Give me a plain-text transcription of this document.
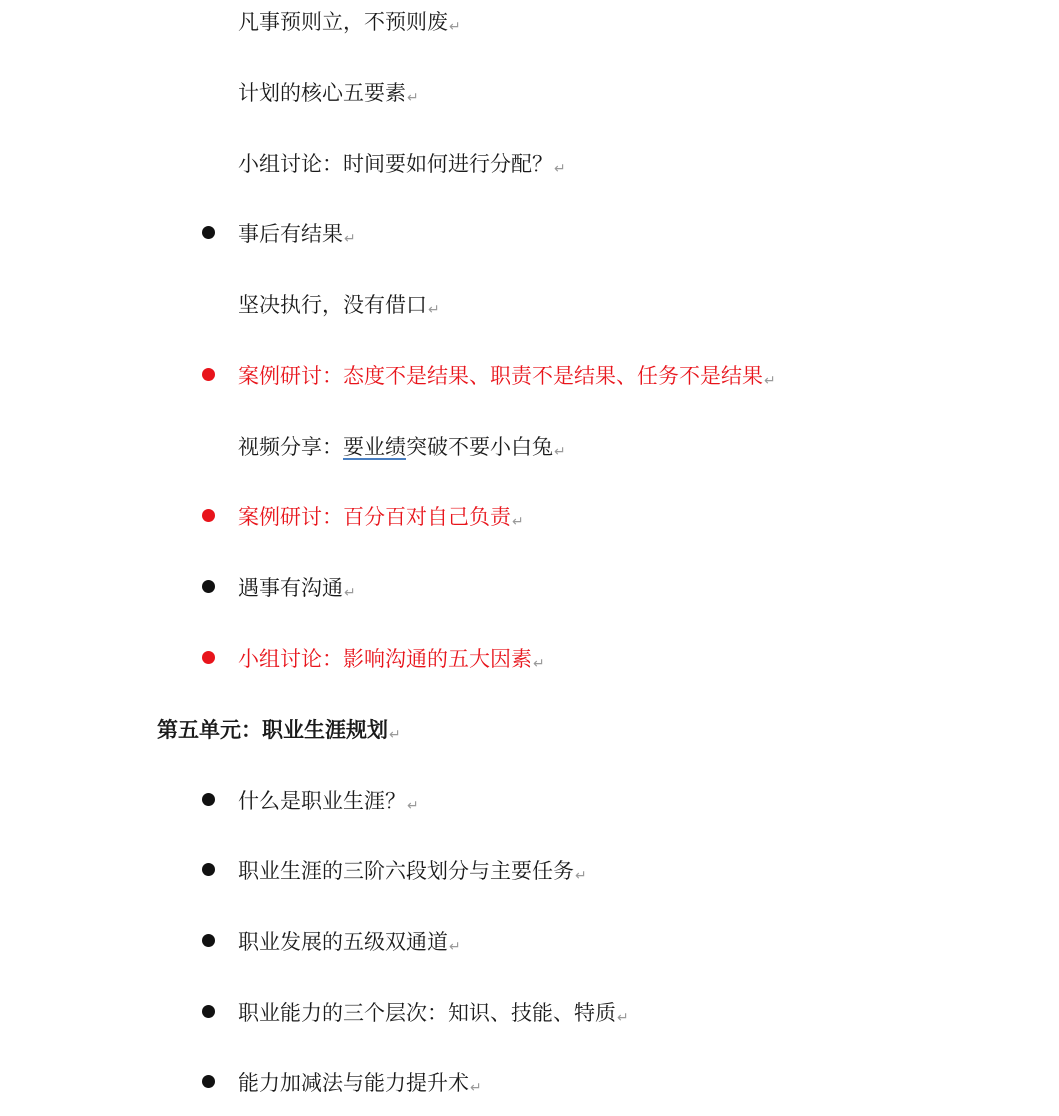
凡事预则立，不预则废↵
计划的核心五要素↵
小组讨论：时间要如何进行分配？↵
事后有结果↵
坚决执行，没有借口↵
案例研讨：态度不是结果、职责不是结果、任务不是结果↵
视频分享：要业绩突破不要小白兔↵
案例研讨：百分百对自己负责↵
遇事有沟通↵
小组讨论：影响沟通的五大因素↵
第五单元：职业生涯规划↵
什么是职业生涯？↵
职业生涯的三阶六段划分与主要任务↵
职业发展的五级双通道↵
职业能力的三个层次：知识、技能、特质↵
能力加减法与能力提升术↵
